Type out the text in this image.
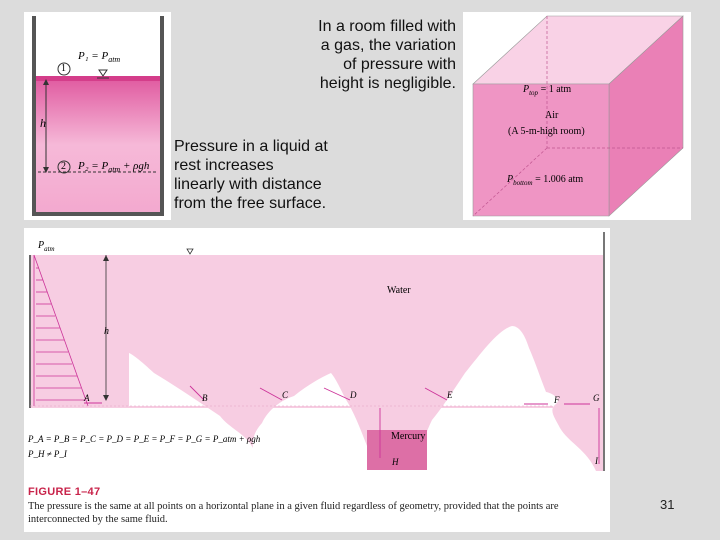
1
2
h
$P_1 = P_{atm}$
$P_2 = P_{atm} + \rho gh$
In a room filled with
a gas, the variation
of pressure with
height is negligible.
Pressure in a liquid at
rest increases
linearly with distance
from the free surface.
$P_{top} = 1$ atm
Air
(A 5-m-high room)
$P_{bottom} = 1.006$ atm
$P_{atm}$
h
Water
Mercury
A	B	C	D	E	F	G
H	I
P_A = P_B = P_C = P_D = P_E = P_F = P_G = P_atm + ρgh
P_H ≠ P_I
FIGURE 1–47
The pressure is the same at all points on a horizontal plane in a given fluid regardless of geometry, provided that the points are interconnected by the same fluid.
31
